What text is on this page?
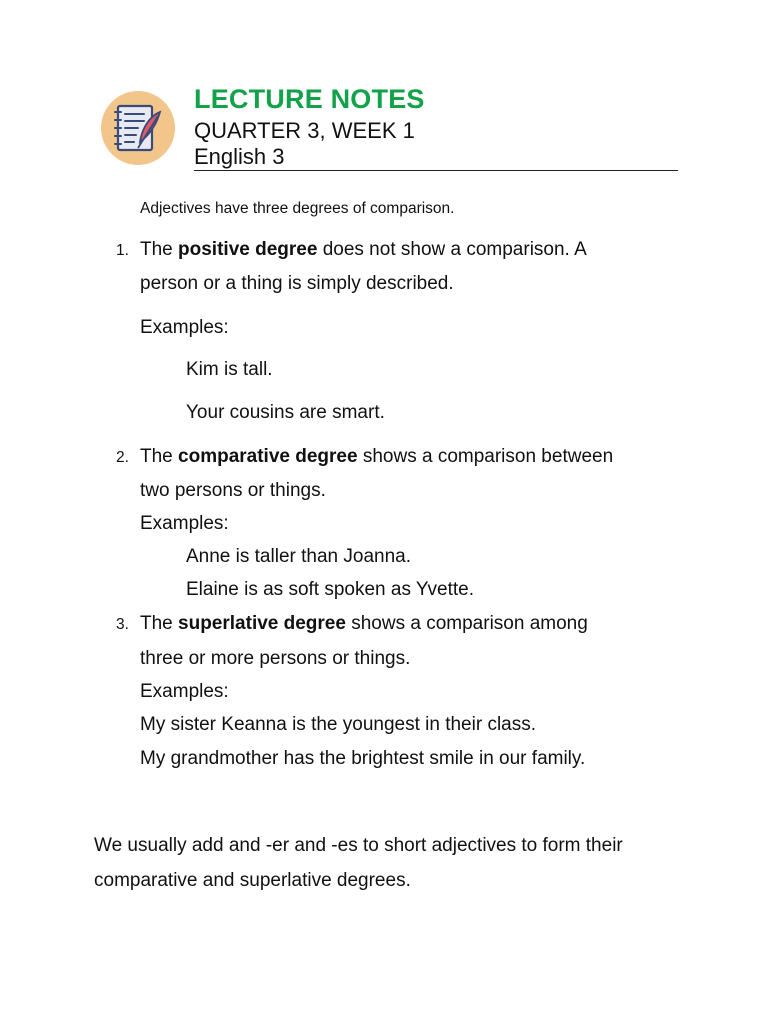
LECTURE NOTES
QUARTER 3, WEEK 1
English 3
Adjectives have three degrees of comparison.
1. The positive degree does not show a comparison. A
person or a thing is simply described.
Examples:
Kim is tall.
Your cousins are smart.
2. The comparative degree shows a comparison between
two persons or things.
Examples:
Anne is taller than Joanna.
Elaine is as soft spoken as Yvette.
3. The superlative degree shows a comparison among
three or more persons or things.
Examples:
My sister Keanna is the youngest in their class.
My grandmother has the brightest smile in our family.
We usually add and -er and -es to short adjectives to form their
comparative and superlative degrees.
